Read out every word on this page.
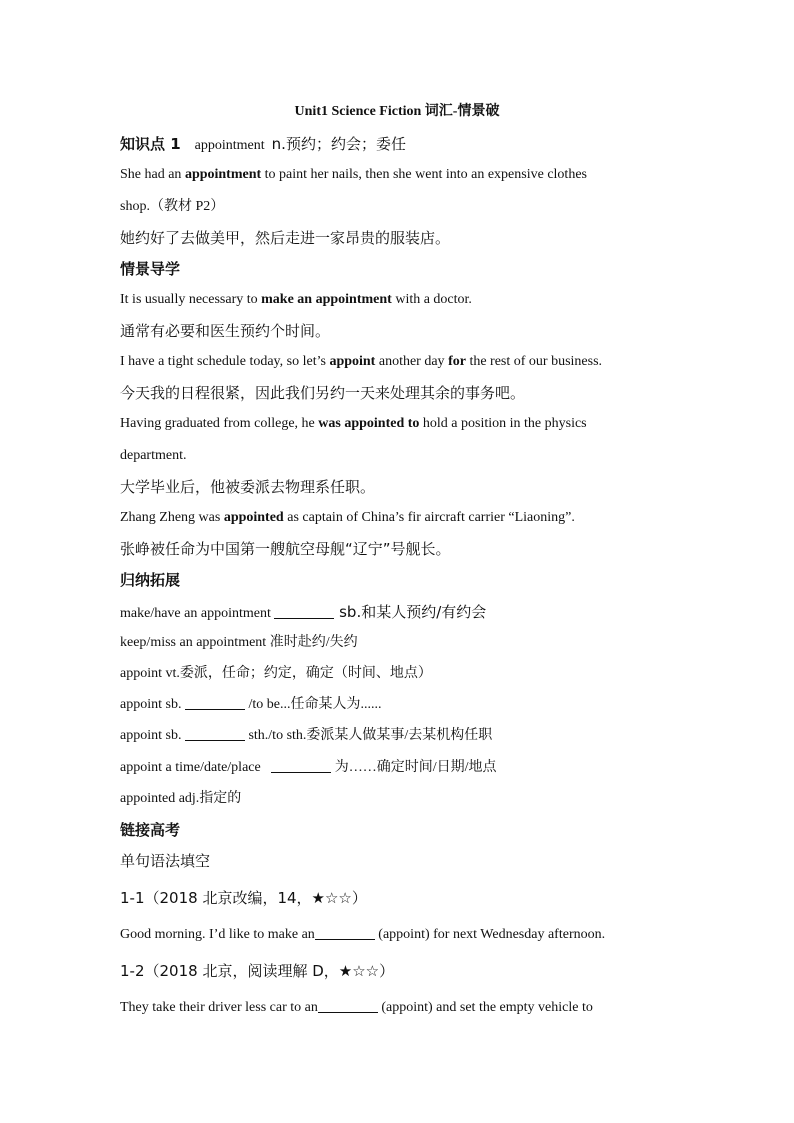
Unit1 Science Fiction 词汇-情景破
知识点 1 appointment n.预约；约会；委任
She had an appointment to paint her nails, then she went into an expensive clothes
shop.（教材 P2）
她约好了去做美甲，然后走进一家昂贵的服装店。
情景导学
It is usually necessary to make an appointment with a doctor.
通常有必要和医生预约个时间。
I have a tight schedule today, so let’s appoint another day for the rest of our business.
今天我的日程很紧，因此我们另约一天来处理其余的事务吧。
Having graduated from college, he was appointed to hold a position in the physics
department.
大学毕业后，他被委派去物理系任职。
Zhang Zheng was appointed as captain of China’s fir aircraft carrier “Liaoning”.
张峥被任命为中国第一艘航空母舰“辽宁”号舰长。
归纳拓展
make/have an appointment	sb.和某人预约/有约会
keep/miss an appointment 准时赴约/失约
appoint vt.委派，任命；约定，确定（时间、地点）
appoint sb.	/to be...任命某人为......
appoint sb.	sth./to sth.委派某人做某事/去某机构任职
appoint a time/date/place	为……确定时间/日期/地点
appointed adj.指定的
链接高考
单句语法填空
1-1（2018 北京改编，14，★☆☆）
Good morning. I’d like to make an	(appoint) for next Wednesday afternoon.
1-2（2018 北京，阅读理解 D，★☆☆）
They take their driver less car to an	(appoint) and set the empty vehicle to
